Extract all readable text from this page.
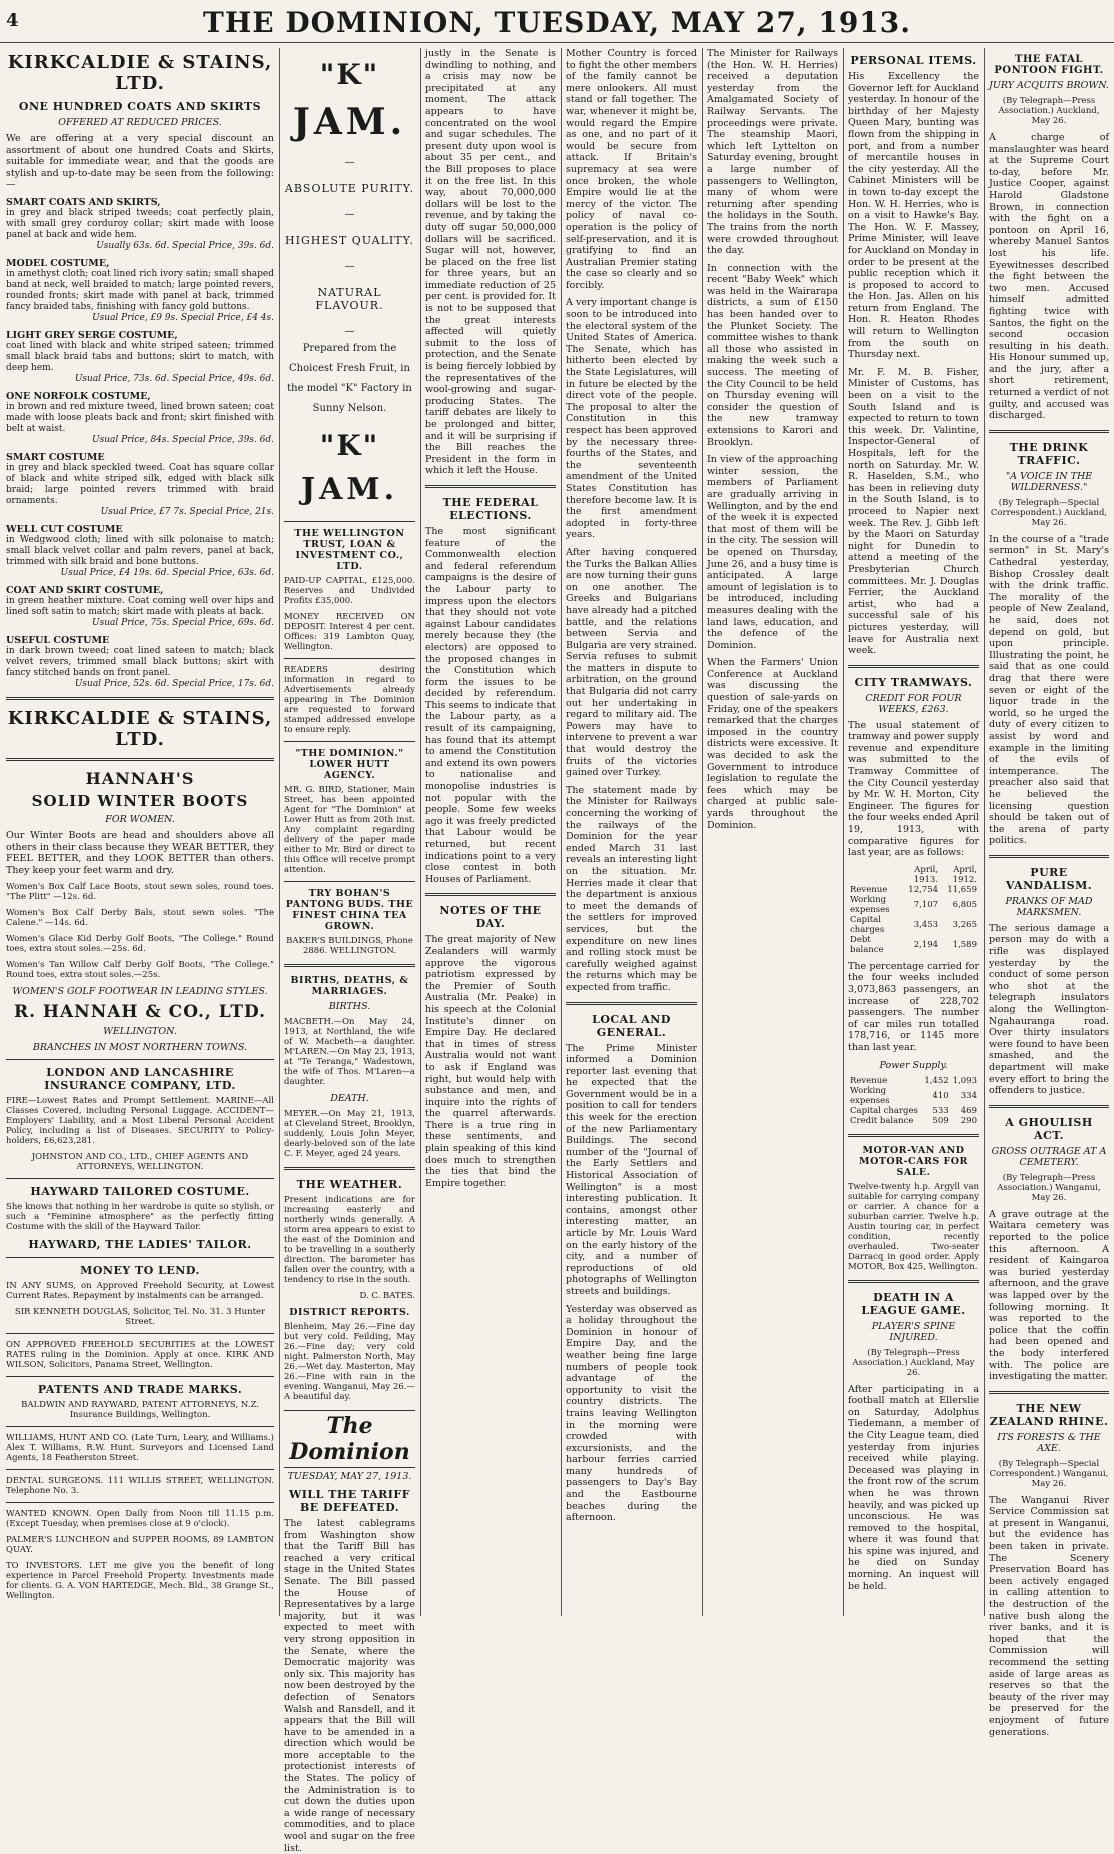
4	THE DOMINION, TUESDAY, MAY 27, 1913.
KIRKCALDIE & STAINS, LTD.
ONE HUNDRED COATS AND SKIRTS
OFFERED AT REDUCED PRICES.

We are offering at a very special discount an assortment of about one hundred Coats and Skirts, suitable for immediate wear, and that the goods are stylish and up-to-date may be seen from the following:—

SMART COATS AND SKIRTS,
in grey and black striped tweeds; coat perfectly plain, with small grey corduroy collar; skirt made with loose panel at back and wide hem.
Usually 63s. 6d. Special Price, 39s. 6d.
MODEL COSTUME,
in amethyst cloth; coat lined rich ivory satin; small shaped band at neck, well braided to match; large pointed revers, rounded fronts; skirt made with panel at back, trimmed fancy braided tabs, finishing with fancy gold buttons.
Usual Price, £9 9s. Special Price, £4 4s.
LIGHT GREY SERGE COSTUME,
coat lined with black and white striped sateen; trimmed small black braid tabs and buttons; skirt to match, with deep hem.
Usual Price, 73s. 6d. Special Price, 49s. 6d.
ONE NORFOLK COSTUME,
in brown and red mixture tweed, lined brown sateen; coat made with loose pleats back and front; skirt finished with belt at waist.
Usual Price, 84s. Special Price, 39s. 6d.
SMART COSTUME
in grey and black speckled tweed. Coat has square collar of black and white striped silk, edged with black silk braid; large pointed revers trimmed with braid ornaments.
Usual Price, £7 7s. Special Price, 21s.
WELL CUT COSTUME
in Wedgwood cloth; lined with silk polonaise to match; small black velvet collar and palm revers, panel at back, trimmed with silk braid and bone buttons.
Usual Price, £4 19s. 6d. Special Price, 63s. 6d.
COAT AND SKIRT COSTUME,
in green heather mixture. Coat coming well over hips and lined soft satin to match; skirt made with pleats at back.
Usual Price, 75s. Special Price, 69s. 6d.
USEFUL COSTUME
in dark brown tweed; coat lined sateen to match; black velvet revers, trimmed small black buttons; skirt with fancy stitched bands on front panel.
Usual Price, 52s. 6d. Special Price, 17s. 6d.
KIRKCALDIE & STAINS, LTD.
HANNAH'S
SOLID WINTER BOOTS
FOR WOMEN.

Our Winter Boots are head and shoulders above all others in their class because they WEAR BETTER, they FEEL BETTER, and they LOOK BETTER than others. They keep your feet warm and dry.

Women's Box Calf Lace Boots, stout sewn soles, round toes. "The Plitt" —12s. 6d.

Women's Box Calf Derby Bals, stout sewn soles. "The Calene." —14s. 6d.

Women's Glace Kid Derby Golf Boots, "The College." Round toes, extra stout soles.—25s. 6d.

Women's Tan Willow Calf Derby Golf Boots, "The College." Round toes, extra stout soles.—25s.

WOMEN'S GOLF FOOTWEAR IN LEADING STYLES.
R. HANNAH & CO., LTD.
WELLINGTON.
BRANCHES IN MOST NORTHERN TOWNS.
LONDON AND LANCASHIRE INSURANCE COMPANY, LTD.

FIRE—Lowest Rates and Prompt Settlement. MARINE—All Classes Covered, including Personal Luggage. ACCIDENT—Employers' Liability, and a Most Liberal Personal Accident Policy, including a list of Diseases. SECURITY to Policy-holders, £6,623,281.

JOHNSTON AND CO., LTD., CHIEF AGENTS AND ATTORNEYS, WELLINGTON.

HAYWARD TAILORED COSTUME.

She knows that nothing in her wardrobe is quite so stylish, or such a "Feminine atmosphere" as the perfectly fitting Costume with the skill of the Hayward Tailor.

HAYWARD, THE LADIES' TAILOR.
MONEY TO LEND.

IN ANY SUMS, on Approved Freehold Security, at Lowest Current Rates. Repayment by instalments can be arranged.

SIR KENNETH DOUGLAS, Solicitor, Tel. No. 31. 3 Hunter Street.

ON APPROVED FREEHOLD SECURITIES at the LOWEST RATES ruling in the Dominion. Apply at once. KIRK AND WILSON, Solicitors, Panama Street, Wellington.

PATENTS AND TRADE MARKS.

BALDWIN AND RAYWARD, PATENT ATTORNEYS, N.Z. Insurance Buildings, Wellington.

WILLIAMS, HUNT AND CO. (Late Turn, Leary, and Williams.) Alex T. Williams, R.W. Hunt. Surveyors and Licensed Land Agents, 18 Featherston Street.

DENTAL SURGEONS. 111 WILLIS STREET, WELLINGTON. Telephone No. 3.

WANTED KNOWN. Open Daily from Noon till 11.15 p.m. (Except Tuesday, when premises close at 9 o'clock).

PALMER'S LUNCHEON and SUPPER ROOMS, 89 LAMBTON QUAY.

TO INVESTORS. LET me give you the benefit of long experience in Parcel Freehold Property. Investments made for clients. G. A. VON HARTEDGE, Mech. Bld., 38 Grange St., Wellington.

"K"
JAM.
—
ABSOLUTE PURITY.
—
HIGHEST QUALITY.
—
NATURAL FLAVOUR.
—

Prepared from the Choicest Fresh Fruit, in the model "K" Factory in Sunny Nelson.

"K"
JAM.
THE WELLINGTON TRUST, LOAN & INVESTMENT CO., LTD.

PAID-UP CAPITAL, £125,000. Reserves and Undivided Profits £35,000.

MONEY RECEIVED ON DEPOSIT. Interest 4 per cent. Offices: 319 Lambton Quay, Wellington.

READERS desiring information in regard to Advertisements already appearing in The Dominion are requested to forward stamped addressed envelope to ensure reply.

"THE DOMINION." LOWER HUTT AGENCY.

MR. G. BIRD, Stationer, Main Street, has been appointed Agent for "The Dominion" at Lower Hutt as from 20th inst. Any complaint regarding delivery of the paper made either to Mr. Bird or direct to this Office will receive prompt attention.

TRY BOHAN'S PANTONG BUDS. THE FINEST CHINA TEA GROWN.

BAKER'S BUILDINGS, Phone 2886. WELLINGTON.

BIRTHS, DEATHS, & MARRIAGES.
BIRTHS.

MACBETH.—On May 24, 1913, at Northland, the wife of W. Macbeth—a daughter. M'LAREN.—On May 23, 1913, at "Te Teranga," Wadestown, the wife of Thos. M'Laren—a daughter.

DEATH.

MEYER.—On May 21, 1913, at Cleveland Street, Brooklyn, suddenly, Louis John Meyer, dearly-beloved son of the late C. F. Meyer, aged 24 years.

THE WEATHER.

Present indications are for increasing easterly and northerly winds generally. A storm area appears to exist to the east of the Dominion and to be travelling in a southerly direction. The barometer has fallen over the country, with a tendency to rise in the south.

D. C. BATES.

DISTRICT REPORTS.

Blenheim, May 26.—Fine day but very cold. Feilding, May 26.—Fine day; very cold night. Palmerston North, May 26.—Wet day. Masterton, May 26.—Fine with rain in the evening. Wanganui, May 26.—A beautiful day.

The Dominion
TUESDAY, MAY 27, 1913.
WILL THE TARIFF BE DEFEATED.

The latest cablegrams from Washington show that the Tariff Bill has reached a very critical stage in the United States Senate. The Bill passed the House of Representatives by a large majority, but it was expected to meet with very strong opposition in the Senate, where the Democratic majority was only six. This majority has now been destroyed by the defection of Senators Walsh and Ransdell, and it appears that the Bill will have to be amended in a direction which would be more acceptable to the protectionist interests of the States. The policy of the Administration is to cut down the duties upon a wide range of necessary commodities, and to place wool and sugar on the free list.

justly in the Senate is dwindling to nothing, and a crisis may now be precipitated at any moment. The attack appears to have concentrated on the wool and sugar schedules. The present duty upon wool is about 35 per cent., and the Bill proposes to place it on the free list. In this way, about 70,000,000 dollars will be lost to the revenue, and by taking the duty off sugar 50,000,000 dollars will be sacrificed. Sugar will not, however, be placed on the free list for three years, but an immediate reduction of 25 per cent. is provided for. It is not to be supposed that the great interests affected will quietly submit to the loss of protection, and the Senate is being fiercely lobbied by the representatives of the wool-growing and sugar-producing States. The tariff debates are likely to be prolonged and bitter, and it will be surprising if the Bill reaches the President in the form in which it left the House.

THE FEDERAL ELECTIONS.

The most significant feature of the Commonwealth election and federal referendum campaigns is the desire of the Labour party to impress upon the electors that they should not vote against Labour candidates merely because they (the electors) are opposed to the proposed changes in the Constitution which form the issues to be decided by referendum. This seems to indicate that the Labour party, as a result of its campaigning, has found that its attempt to amend the Constitution and extend its own powers to nationalise and monopolise industries is not popular with the people. Some few weeks ago it was freely predicted that Labour would be returned, but recent indications point to a very close contest in both Houses of Parliament.

NOTES OF THE DAY.

The great majority of New Zealanders will warmly approve the vigorous patriotism expressed by the Premier of South Australia (Mr. Peake) in his speech at the Colonial Institute's dinner on Empire Day. He declared that in times of stress Australia would not want to ask if England was right, but would help with substance and men, and inquire into the rights of the quarrel afterwards. There is a true ring in these sentiments, and plain speaking of this kind does much to strengthen the ties that bind the Empire together.

Mother Country is forced to fight the other members of the family cannot be mere onlookers. All must stand or fall together. The war, whenever it might be, would regard the Empire as one, and no part of it would be secure from attack. If Britain's supremacy at sea were once broken, the whole Empire would lie at the mercy of the victor. The policy of naval co-operation is the policy of self-preservation, and it is gratifying to find an Australian Premier stating the case so clearly and so forcibly.

A very important change is soon to be introduced into the electoral system of the United States of America. The Senate, which has hitherto been elected by the State Legislatures, will in future be elected by the direct vote of the people. The proposal to alter the Constitution in this respect has been approved by the necessary three-fourths of the States, and the seventeenth amendment of the United States Constitution has therefore become law. It is the first amendment adopted in forty-three years.

After having conquered the Turks the Balkan Allies are now turning their guns on one another. The Greeks and Bulgarians have already had a pitched battle, and the relations between Servia and Bulgaria are very strained. Servia refuses to submit the matters in dispute to arbitration, on the ground that Bulgaria did not carry out her undertaking in regard to military aid. The Powers may have to intervene to prevent a war that would destroy the fruits of the victories gained over Turkey.

The statement made by the Minister for Railways concerning the working of the railways of the Dominion for the year ended March 31 last reveals an interesting light on the situation. Mr. Herries made it clear that the department is anxious to meet the demands of the settlers for improved services, but the expenditure on new lines and rolling stock must be carefully weighed against the returns which may be expected from traffic.

LOCAL AND GENERAL.

The Prime Minister informed a Dominion reporter last evening that he expected that the Government would be in a position to call for tenders this week for the erection of the new Parliamentary Buildings. The second number of the "Journal of the Early Settlers and Historical Association of Wellington" is a most interesting publication. It contains, amongst other interesting matter, an article by Mr. Louis Ward on the early history of the city, and a number of reproductions of old photographs of Wellington streets and buildings.

Yesterday was observed as a holiday throughout the Dominion in honour of Empire Day, and the weather being fine large numbers of people took advantage of the opportunity to visit the country districts. The trains leaving Wellington in the morning were crowded with excursionists, and the harbour ferries carried many hundreds of passengers to Day's Bay and the Eastbourne beaches during the afternoon.

The Minister for Railways (the Hon. W. H. Herries) received a deputation yesterday from the Amalgamated Society of Railway Servants. The proceedings were private. The steamship Maori, which left Lyttelton on Saturday evening, brought a large number of passengers to Wellington, many of whom were returning after spending the holidays in the South. The trains from the north were crowded throughout the day.

In connection with the recent "Baby Week" which was held in the Wairarapa districts, a sum of £150 has been handed over to the Plunket Society. The committee wishes to thank all those who assisted in making the week such a success. The meeting of the City Council to be held on Thursday evening will consider the question of the new tramway extensions to Karori and Brooklyn.

In view of the approaching winter session, the members of Parliament are gradually arriving in Wellington, and by the end of the week it is expected that most of them will be in the city. The session will be opened on Thursday, June 26, and a busy time is anticipated. A large amount of legislation is to be introduced, including measures dealing with the land laws, education, and the defence of the Dominion.

When the Farmers' Union Conference at Auckland was discussing the question of sale-yards on Friday, one of the speakers remarked that the charges imposed in the country districts were excessive. It was decided to ask the Government to introduce legislation to regulate the fees which may be charged at public sale-yards throughout the Dominion.

PERSONAL ITEMS.

His Excellency the Governor left for Auckland yesterday. In honour of the birthday of her Majesty Queen Mary, bunting was flown from the shipping in port, and from a number of mercantile houses in the city yesterday. All the Cabinet Ministers will be in town to-day except the Hon. W. H. Herries, who is on a visit to Hawke's Bay. The Hon. W. F. Massey, Prime Minister, will leave for Auckland on Monday in order to be present at the public reception which it is proposed to accord to the Hon. Jas. Allen on his return from England. The Hon. R. Heaton Rhodes will return to Wellington from the south on Thursday next.

Mr. F. M. B. Fisher, Minister of Customs, has been on a visit to the South Island and is expected to return to town this week. Dr. Valintine, Inspector-General of Hospitals, left for the north on Saturday. Mr. W. R. Haselden, S.M., who has been in relieving duty in the South Island, is to proceed to Napier next week. The Rev. J. Gibb left by the Maori on Saturday night for Dunedin to attend a meeting of the Presbyterian Church committees. Mr. J. Douglas Ferrier, the Auckland artist, who had a successful sale of his pictures yesterday, will leave for Australia next week.

CITY TRAMWAYS.
CREDIT FOR FOUR WEEKS, £263.

The usual statement of tramway and power supply revenue and expenditure was submitted to the Tramway Committee of the City Council yesterday by Mr. W. H. Morton, City Engineer. The figures for the four weeks ended April 19, 1913, with comparative figures for last year, are as follows:

	April, 1913.	April, 1912.
Revenue	12,754	11,659
Working expenses	7,107	6,805
Capital charges	3,453	3,265
Debt balance	2,194	1,589

The percentage carried for the four weeks included 3,073,863 passengers, an increase of 228,702 passengers. The number of car miles run totalled 178,716, or 1145 more than last year.

Power Supply.
Revenue	1,452	1,093
Working expenses	410	334
Capital charges	533	469
Credit balance	509	290
MOTOR-VAN AND MOTOR-CARS FOR SALE.

Twelve-twenty h.p. Argyll van suitable for carrying company or carrier. A chance for a suburban carrier. Twelve h.p. Austin touring car, in perfect condition, recently overhauled. Two-seater Darracq in good order. Apply MOTOR, Box 425, Wellington.

DEATH IN A LEAGUE GAME.
PLAYER'S SPINE INJURED.

(By Telegraph—Press Association.) Auckland, May 26.

After participating in a football match at Ellerslie on Saturday, Adolphus Tiedemann, a member of the City League team, died yesterday from injuries received while playing. Deceased was playing in the front row of the scrum when he was thrown heavily, and was picked up unconscious. He was removed to the hospital, where it was found that his spine was injured, and he died on Sunday morning. An inquest will be held.

THE FATAL PONTOON FIGHT.
JURY ACQUITS BROWN.

(By Telegraph—Press Association.) Auckland, May 26.

A charge of manslaughter was heard at the Supreme Court to-day, before Mr. Justice Cooper, against Harold Gladstone Brown, in connection with the fight on a pontoon on April 16, whereby Manuel Santos lost his life. Eyewitnesses described the fight between the two men. Accused himself admitted fighting twice with Santos, the fight on the second occasion resulting in his death. His Honour summed up, and the jury, after a short retirement, returned a verdict of not guilty, and accused was discharged.

THE DRINK TRAFFIC.
"A VOICE IN THE WILDERNESS."

(By Telegraph—Special Correspondent.) Auckland, May 26.

In the course of a "trade sermon" in St. Mary's Cathedral yesterday, Bishop Crossley dealt with the drink traffic. The morality of the people of New Zealand, he said, does not depend on gold, but upon principle. Illustrating the point, he said that as one could drag that there were seven or eight of the liquor trade in the world, so he urged the duty of every citizen to assist by word and example in the limiting of the evils of intemperance. The preacher also said that he believed the licensing question should be taken out of the arena of party politics.

PURE VANDALISM.
PRANKS OF MAD MARKSMEN.

The serious damage a person may do with a rifle was displayed yesterday by the conduct of some person who shot at the telegraph insulators along the Wellington-Ngahauranga road. Over thirty insulators were found to have been smashed, and the department will make every effort to bring the offenders to justice.

A GHOULISH ACT.
GROSS OUTRAGE AT A CEMETERY.

(By Telegraph—Press Association.) Wanganui, May 26.

A grave outrage at the Waitara cemetery was reported to the police this afternoon. A resident of Kaingaroa was buried yesterday afternoon, and the grave was lapped over by the following morning. It was reported to the police that the coffin had been opened and the body interfered with. The police are investigating the matter.

THE NEW ZEALAND RHINE.
ITS FORESTS & THE AXE.

(By Telegraph—Special Correspondent.) Wanganui, May 26.

The Wanganui River Service Commission sat at present in Wanganui, but the evidence has been taken in private. The Scenery Preservation Board has been actively engaged in calling attention to the destruction of the native bush along the river banks, and it is hoped that the Commission will recommend the setting aside of large areas as reserves so that the beauty of the river may be preserved for the enjoyment of future generations.
